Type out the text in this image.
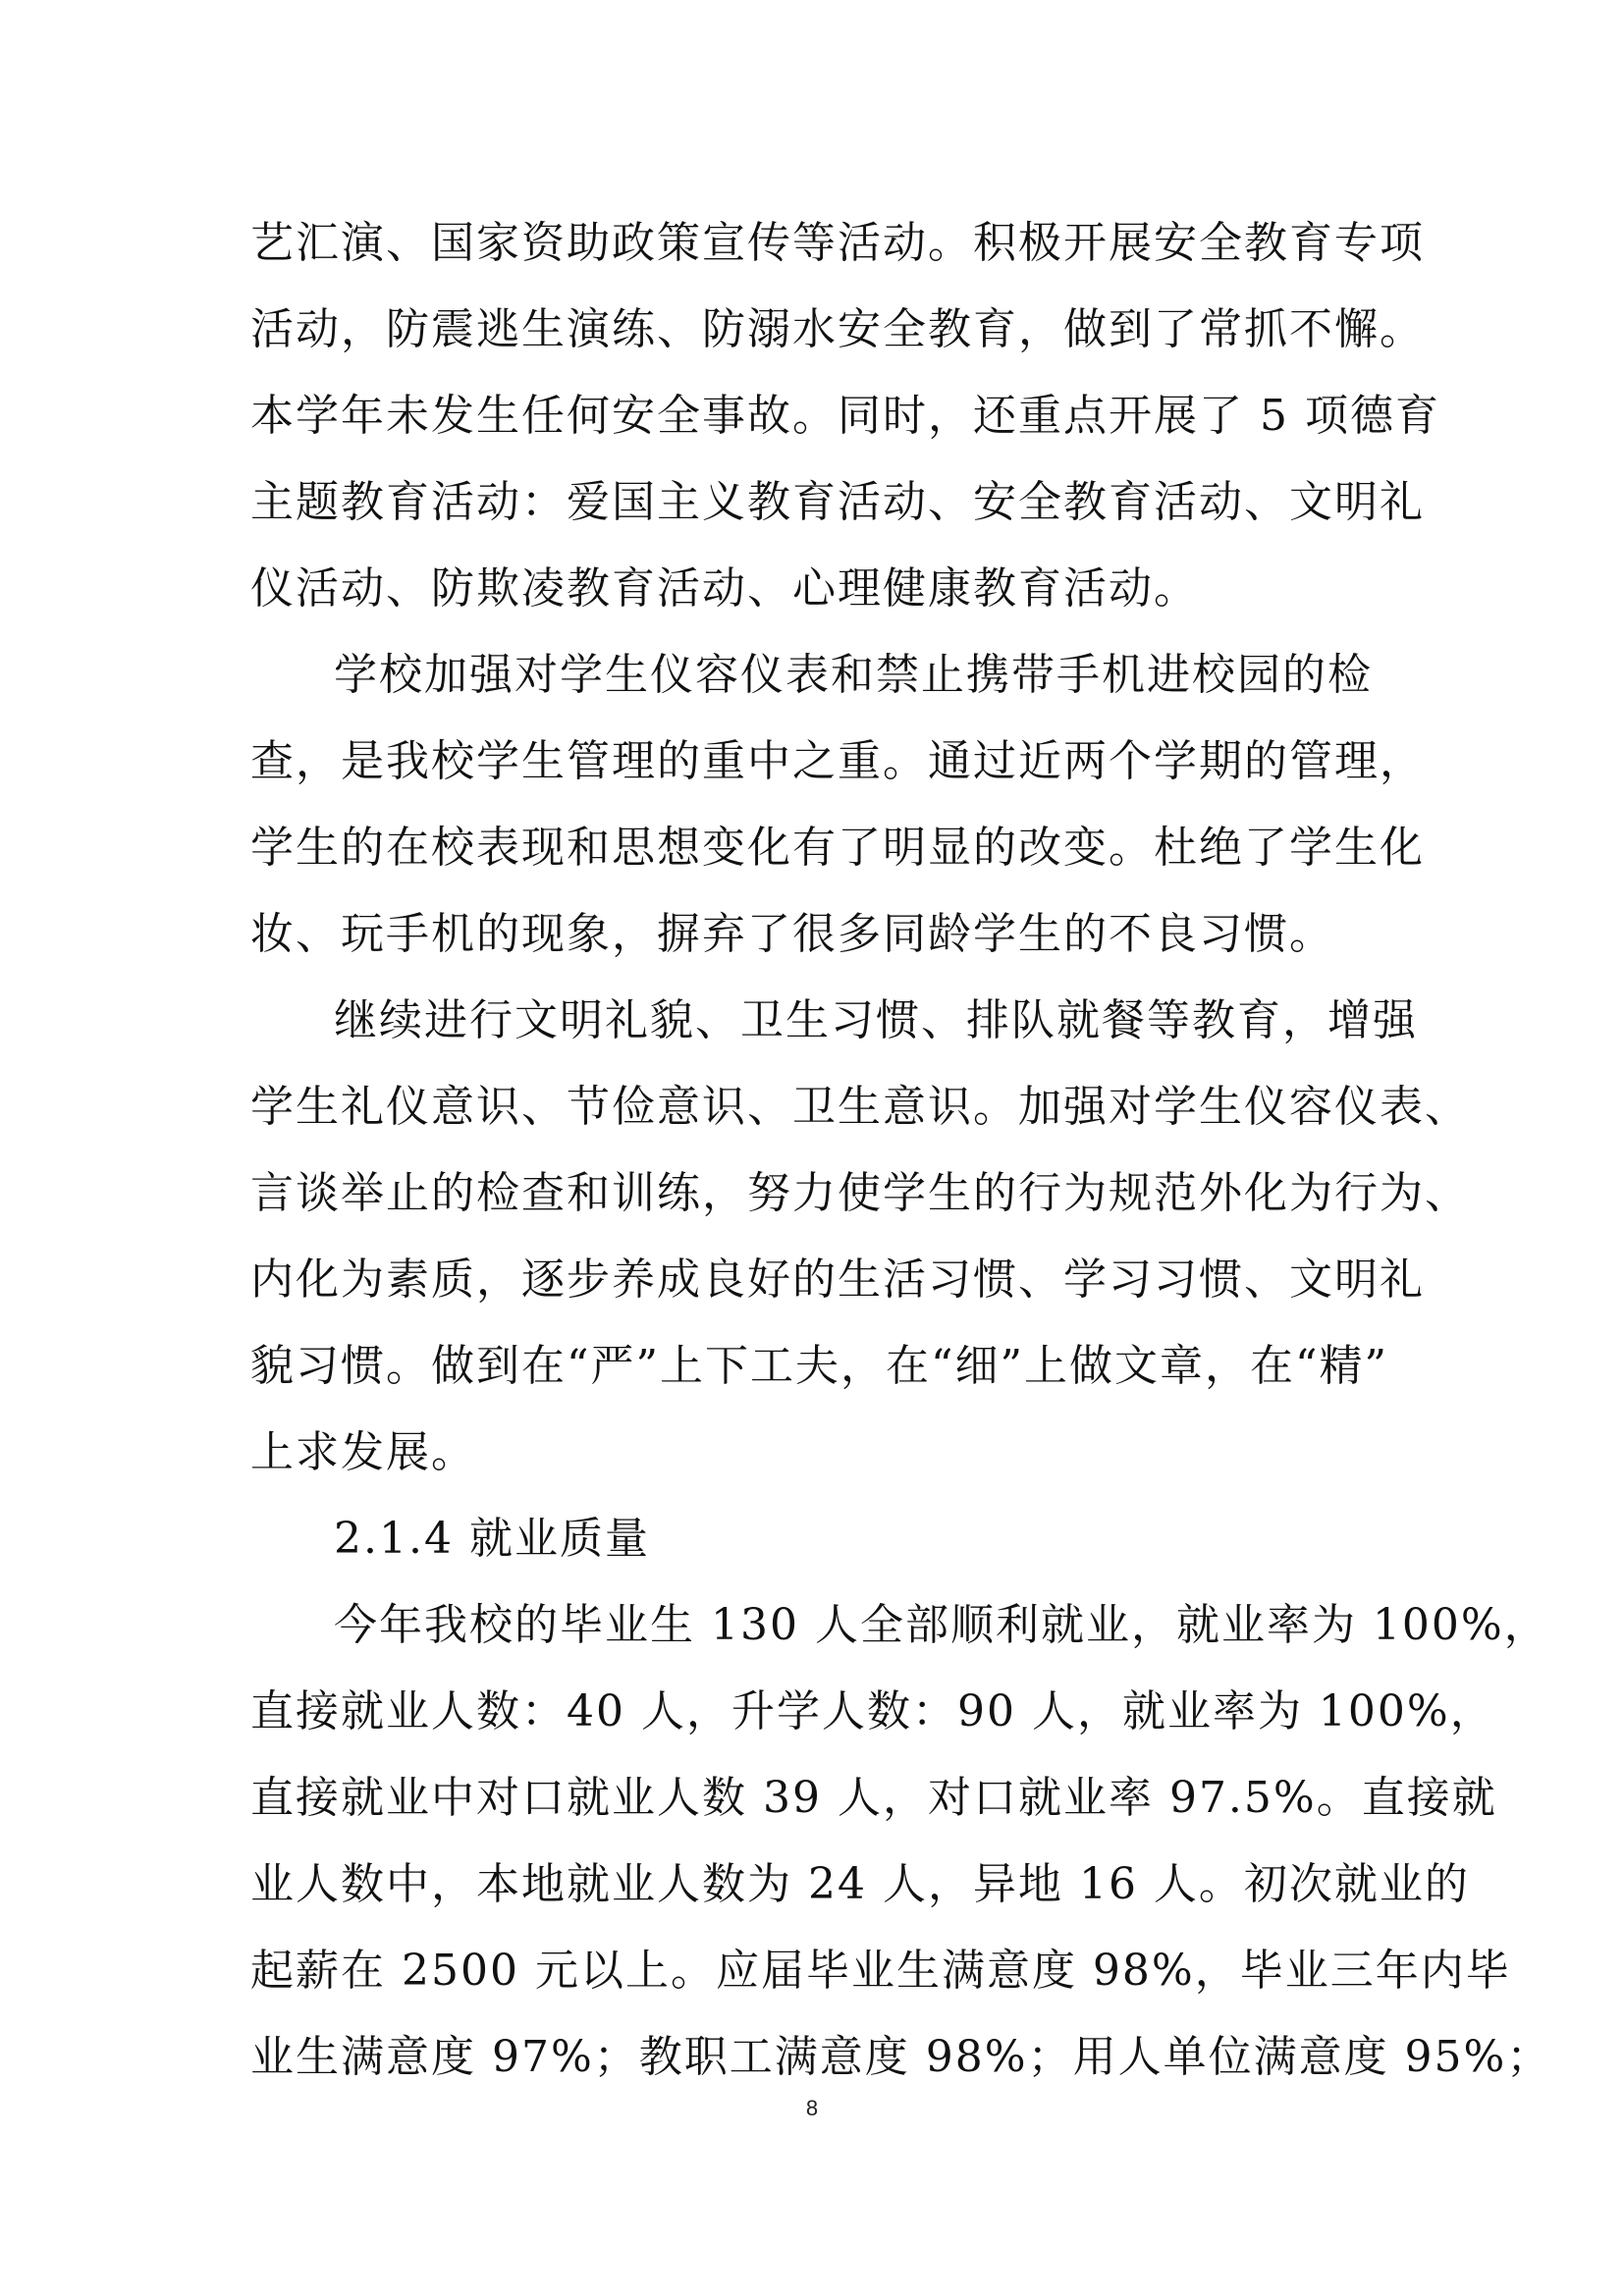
艺汇演、国家资助政策宣传等活动。积极开展安全教育专项
活动，防震逃生演练、防溺水安全教育，做到了常抓不懈。
本学年未发生任何安全事故。同时，还重点开展了 5 项德育
主题教育活动：爱国主义教育活动、安全教育活动、文明礼
仪活动、防欺凌教育活动、心理健康教育活动。
学校加强对学生仪容仪表和禁止携带手机进校园的检
查，是我校学生管理的重中之重。通过近两个学期的管理，
学生的在校表现和思想变化有了明显的改变。杜绝了学生化
妆、玩手机的现象，摒弃了很多同龄学生的不良习惯。
继续进行文明礼貌、卫生习惯、排队就餐等教育，增强
学生礼仪意识、节俭意识、卫生意识。加强对学生仪容仪表、
言谈举止的检查和训练，努力使学生的行为规范外化为行为、
内化为素质，逐步养成良好的生活习惯、学习习惯、文明礼
貌习惯。做到在“严”上下工夫，在“细”上做文章，在“精”
上求发展。
2.1.4 就业质量
今年我校的毕业生 130 人全部顺利就业，就业率为 100%，
直接就业人数：40 人，升学人数：90 人，就业率为 100%，
直接就业中对口就业人数 39 人，对口就业率 97.5%。直接就
业人数中，本地就业人数为 24 人，异地 16 人。初次就业的
起薪在 2500 元以上。应届毕业生满意度 98%，毕业三年内毕
业生满意度 97%；教职工满意度 98%；用人单位满意度 95%；
8
